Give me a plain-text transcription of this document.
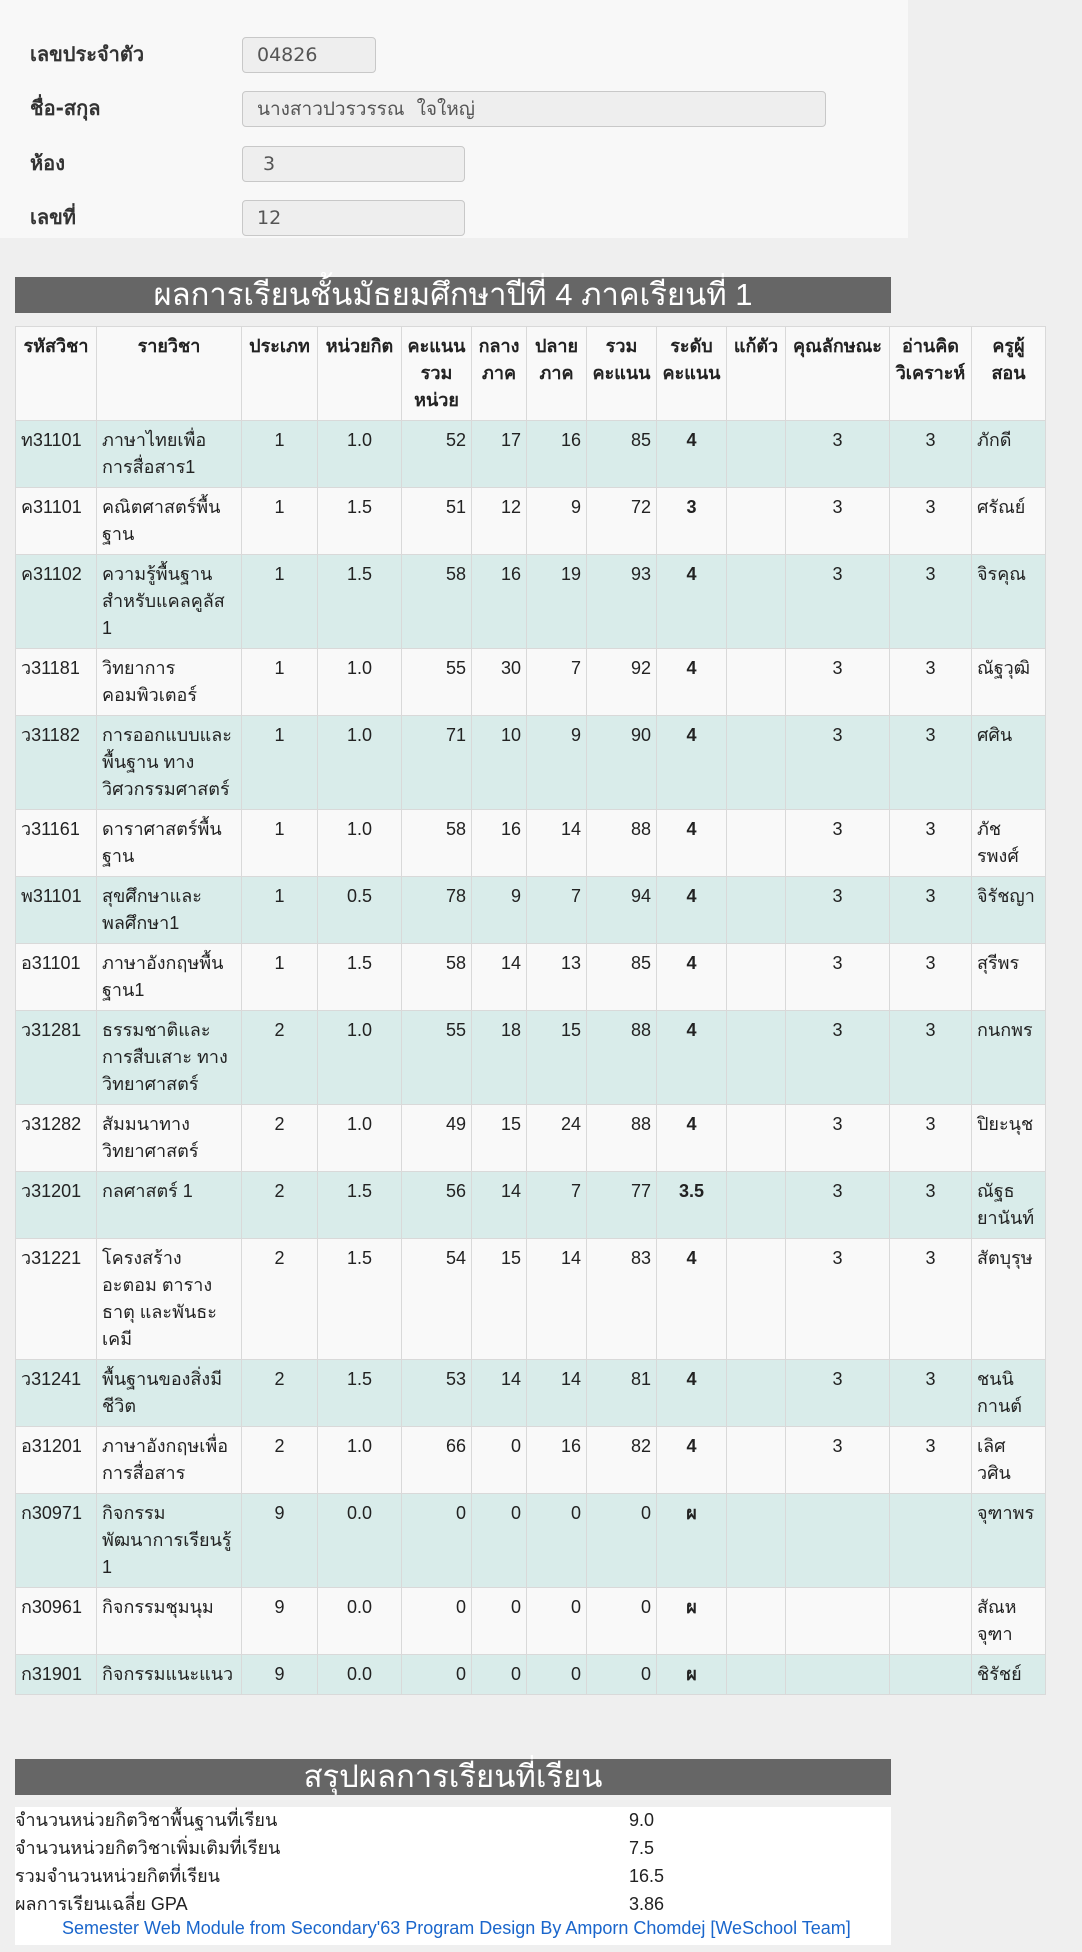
เลขประจำตัว	04826
ชื่อ-สกุล	นางสาวปวรวรรณ  ใจใหญ่
ห้อง	3
เลขที่	12
ผลการเรียนชั้นมัธยมศึกษาปีที่ 4 ภาคเรียนที่ 1
รหัสวิชา	รายวิชา	ประเภท	หน่วยกิต	คะแนนรวมหน่วย	กลางภาค	ปลายภาค	รวมคะแนน	ระดับคะแนน	แก้ตัว	คุณลักษณะ	อ่านคิดวิเคราะห์	ครูผู้สอน
ท31101	ภาษาไทยเพื่อการสื่อสาร1	1	1.0	52	17	16	85	4		3	3	ภักดี
ค31101	คณิตศาสตร์พื้นฐาน	1	1.5	51	12	9	72	3		3	3	ศรัณย์
ค31102	ความรู้พื้นฐานสำหรับแคลคูลัส 1	1	1.5	58	16	19	93	4		3	3	จิรคุณ
ว31181	วิทยาการคอมพิวเตอร์	1	1.0	55	30	7	92	4		3	3	ณัฐวุฒิ
ว31182	การออกแบบและพื้นฐาน ทางวิศวกรรมศาสตร์	1	1.0	71	10	9	90	4		3	3	ศศิน
ว31161	ดาราศาสตร์พื้นฐาน	1	1.0	58	16	14	88	4		3	3	ภัช รพงศ์
พ31101	สุขศึกษาและพลศึกษา1	1	0.5	78	9	7	94	4		3	3	จิรัชญา
อ31101	ภาษาอังกฤษพื้นฐาน1	1	1.5	58	14	13	85	4		3	3	สุรีพร
ว31281	ธรรมชาติและการสืบเสาะ ทางวิทยาศาสตร์	2	1.0	55	18	15	88	4		3	3	กนกพร
ว31282	สัมมนาทางวิทยาศาสตร์	2	1.0	49	15	24	88	4		3	3	ปิยะนุช
ว31201	กลศาสตร์ 1	2	1.5	56	14	7	77	3.5		3	3	ณัฐธ ยานันท์
ว31221	โครงสร้างอะตอม ตารางธาตุ และพันธะเคมี	2	1.5	54	15	14	83	4		3	3	สัตบุรุษ
ว31241	พื้นฐานของสิ่งมีชีวิต	2	1.5	53	14	14	81	4		3	3	ชนนิ กานต์
อ31201	ภาษาอังกฤษเพื่อการสื่อสาร	2	1.0	66	0	16	82	4		3	3	เลิศ วศิน
ก30971	กิจกรรมพัฒนาการเรียนรู้ 1	9	0.0	0	0	0	0	ผ				จุฑาพร
ก30961	กิจกรรมชุมนุม	9	0.0	0	0	0	0	ผ				สัณห จุฑา
ก31901	กิจกรรมแนะแนว	9	0.0	0	0	0	0	ผ				ชิรัชย์
สรุปผลการเรียนที่เรียน
จำนวนหน่วยกิตวิชาพื้นฐานที่เรียน	9.0
จำนวนหน่วยกิตวิชาเพิ่มเติมที่เรียน	7.5
รวมจำนวนหน่วยกิตที่เรียน	16.5
ผลการเรียนเฉลี่ย GPA	3.86
Semester Web Module from Secondary'63 Program Design By Amporn Chomdej [WeSchool Team]
